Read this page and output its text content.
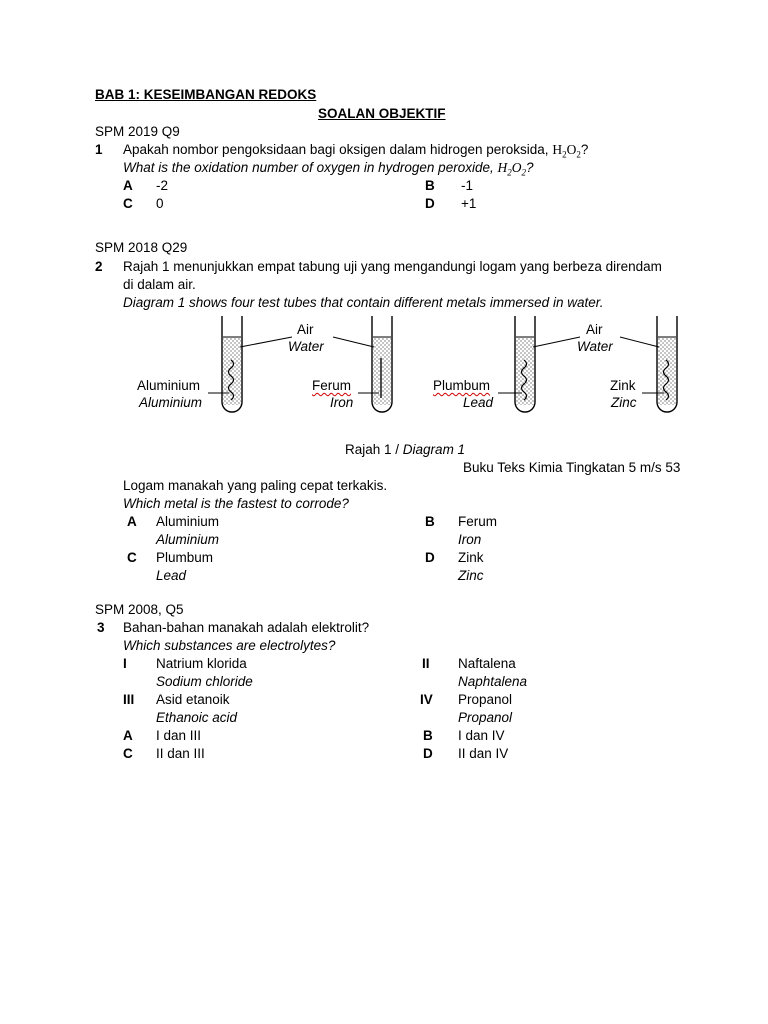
BAB 1: KESEIMBANGAN REDOKS
SOALAN OBJEKTIF
SPM 2019 Q9
1 Apakah nombor pengoksidaan bagi oksigen dalam hidrogen peroksida, $H_2O_2$?
What is the oxidation number of oxygen in hydrogen peroxide, $H_2O_2$?
A -2	B -1
C 0	D +1
SPM 2018 Q29
2 Rajah 1 menunjukkan empat tabung uji yang mengandungi logam yang berbeza direndam
di dalam air.
Diagram 1 shows four test tubes that contain different metals immersed in water.
Air
Water
Air
Water
Aluminium
Aluminium
Ferum
Iron
Plumbum
Lead
Zink
Zinc
Rajah 1 / Diagram 1
Buku Teks Kimia Tingkatan 5 m/s 53
Logam manakah yang paling cepat terkakis.
Which metal is the fastest to corrode?
A Aluminium
Aluminium
B Ferum
Iron
C Plumbum
Lead
D Zink
Zinc
SPM 2008, Q5
3 Bahan-bahan manakah adalah elektrolit?
Which substances are electrolytes?
I Natrium klorida
Sodium chloride
II Naftalena
Naphtalena
III Asid etanoik
Ethanoic acid
IV Propanol
Propanol
A I dan III	B I dan IV
C II dan III	D II dan IV
